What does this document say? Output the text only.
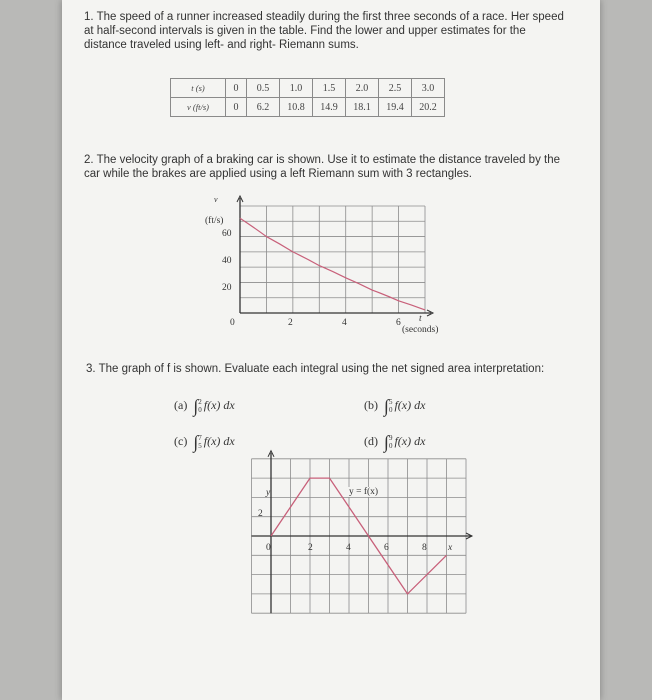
1. The speed of a runner increased steadily during the first three seconds of a race. Her speed at half-second intervals is given in the table. Find the lower and upper estimates for the distance traveled using left- and right- Riemann sums.
t (s)	0	0.5	1.0	1.5	2.0	2.5	3.0
v (ft/s)	0	6.2	10.8	14.9	18.1	19.4	20.2
2. The velocity graph of a braking car is shown. Use it to estimate the distance traveled by the car while the brakes are applied using a left Riemann sum with 3 rectangles.
v
(ft/s)
60
40
20
0	2	4	6 t
(seconds)
3. The graph of f is shown. Evaluate each integral using the net signed area interpretation:
(a) ∫ 2
0 f(x) dx	(b) ∫ 5
0 f(x) dx
(c) ∫ 7
5 f(x) dx	(d) ∫ 9
0 f(x) dx
y
2
y = f(x)
0	2	4	6	8 x
